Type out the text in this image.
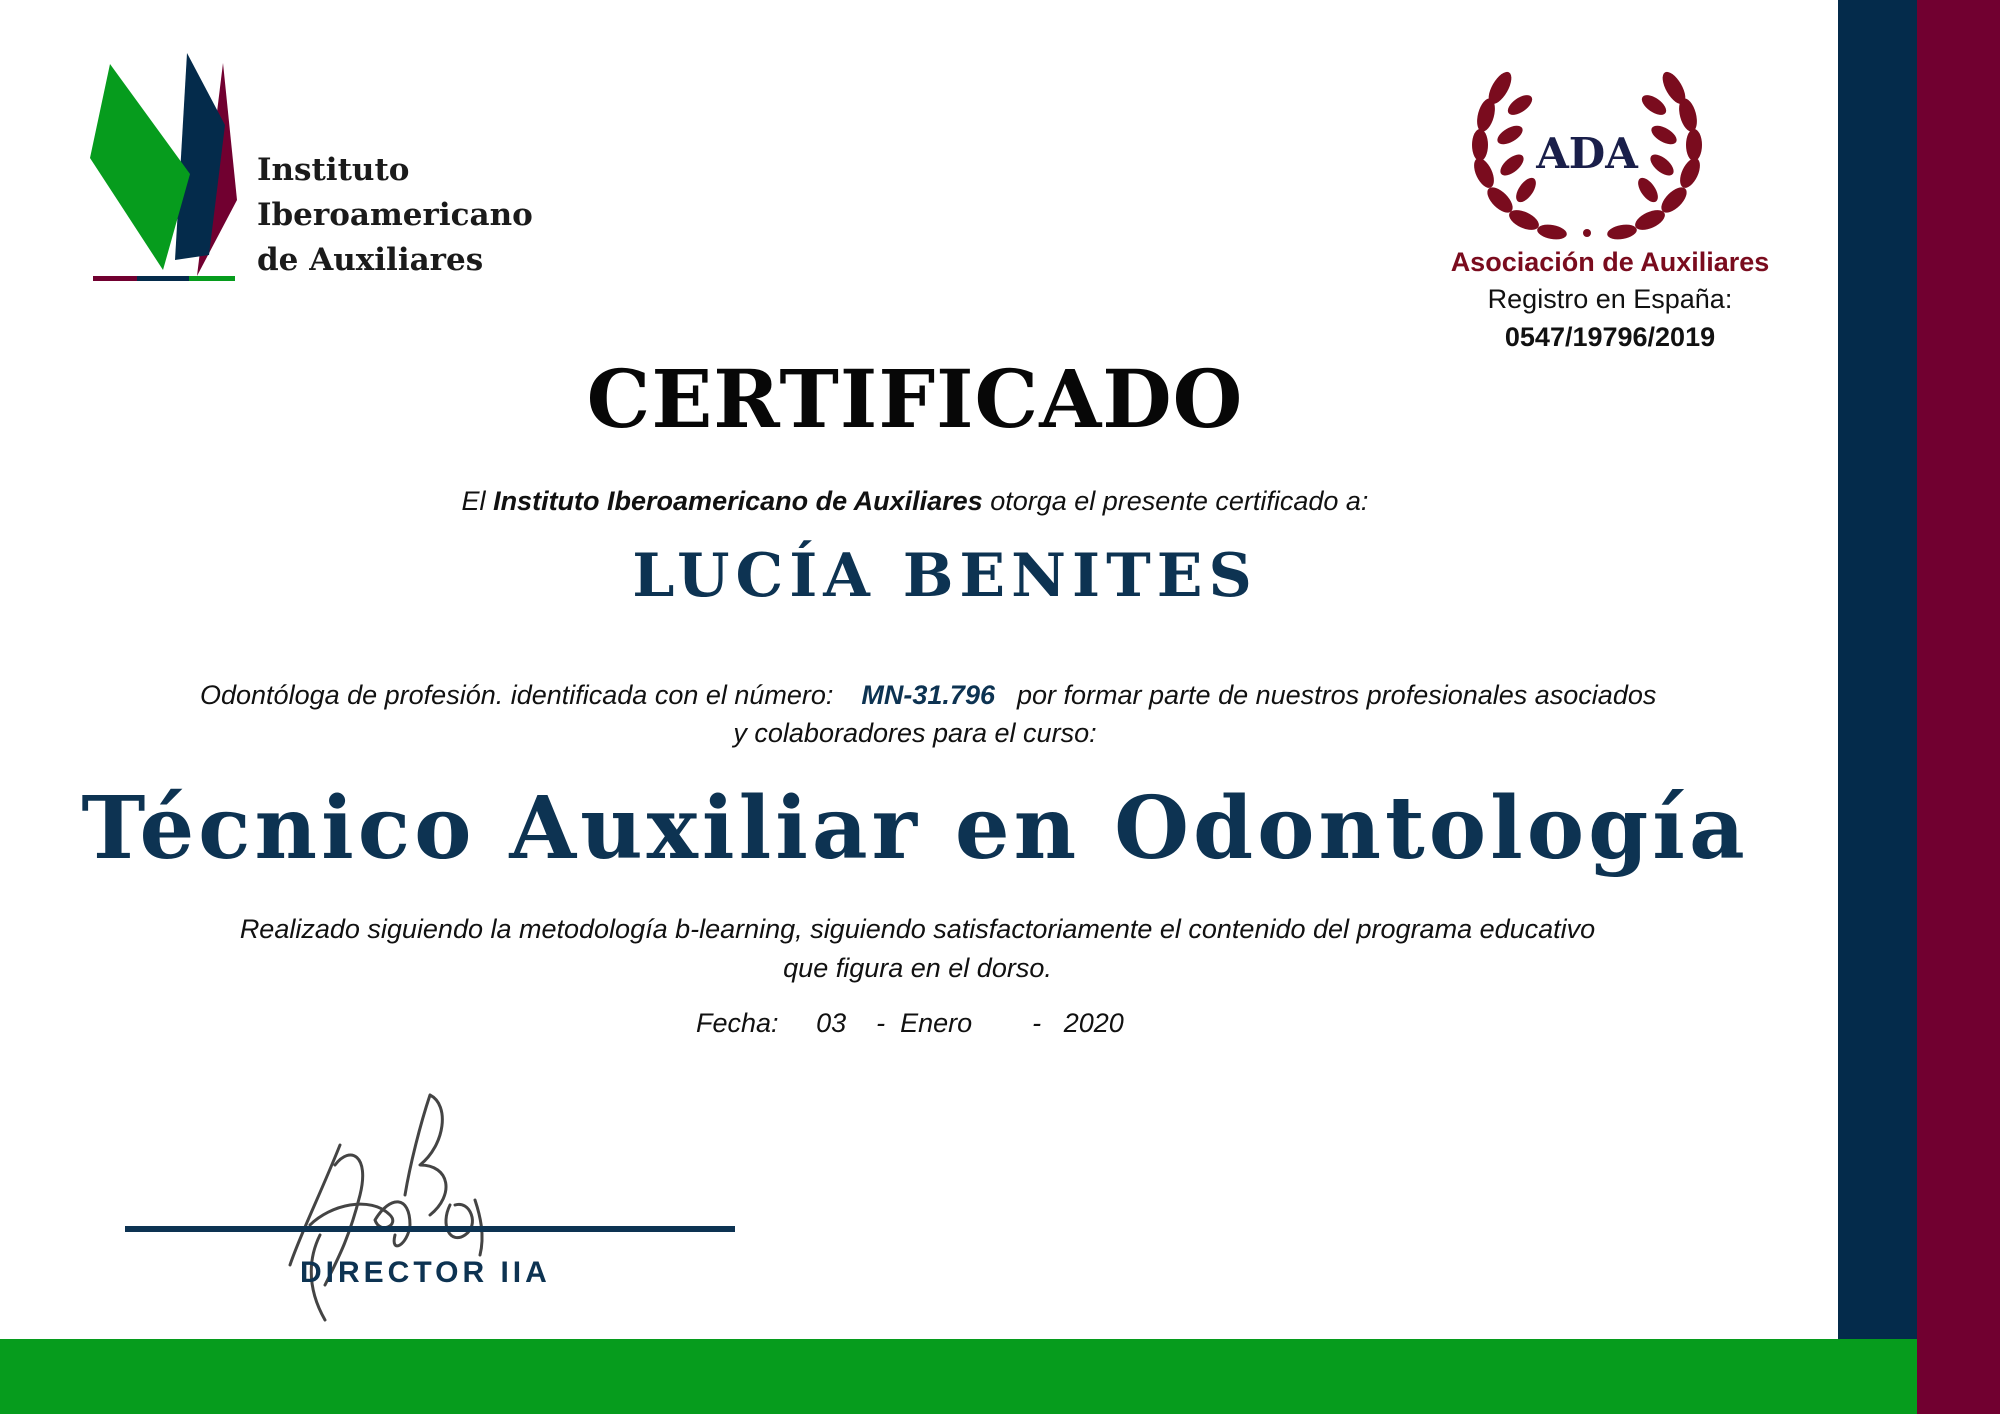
Instituto
Iberoamericano
de Auxiliares
ADA
Asociación de Auxiliares
Registro en España:
0547/19796/2019
CERTIFICADO
El Instituto Iberoamericano de Auxiliares otorga el presente certificado a:
LUCÍA BENITES
Odontóloga de profesión. identificada con el número: MN-31.796 por formar parte de nuestros profesionales asociados
y colaboradores para el curso:
Técnico Auxiliar en Odontología
Realizado siguiendo la metodología b-learning, siguiendo satisfactoriamente el contenido del programa educativo
que figura en el dorso.
Fecha: 03    -  Enero        -   2020
DIRECTOR IIA
